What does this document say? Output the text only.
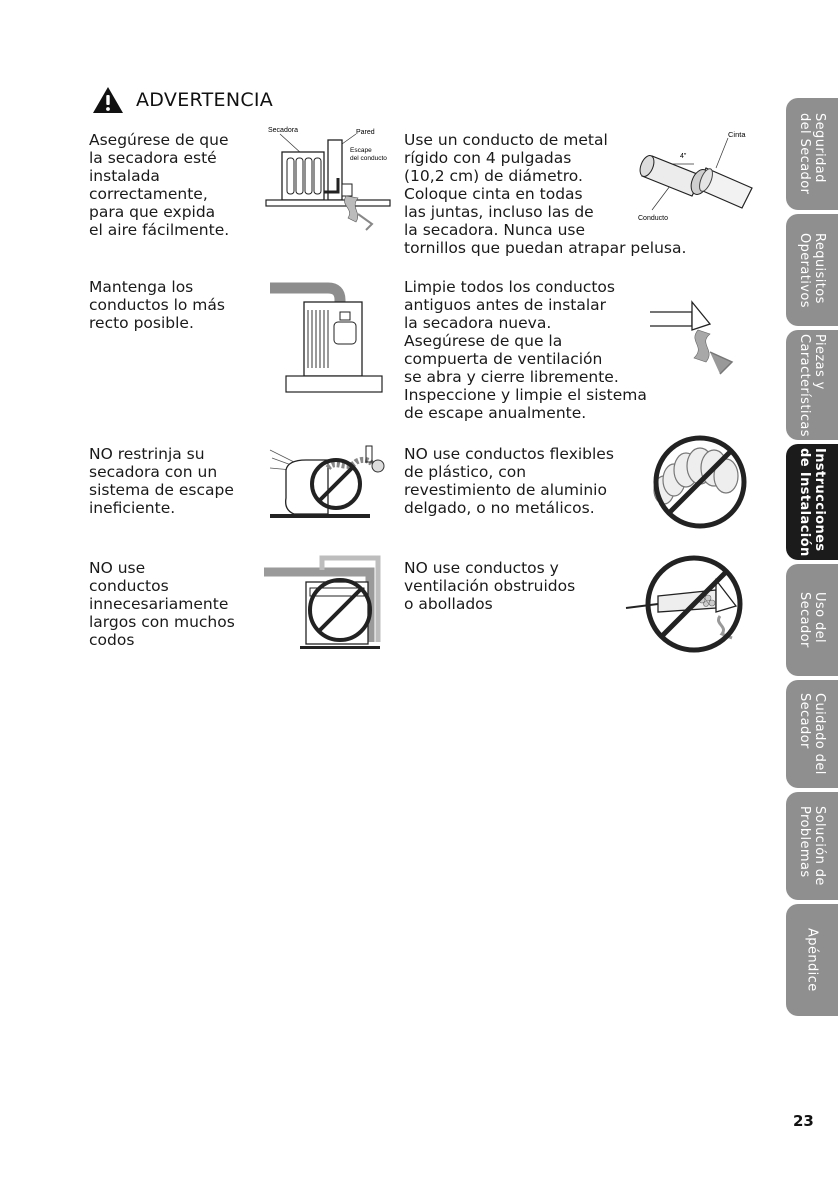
ADVERTENCIA
Asegúrese de que
la secadora esté
instalada
correctamente,
para que expida
el aire fácilmente.
Mantenga los
conductos lo más
recto posible.
NO restrinja su
secadora con un
sistema de escape
ineficiente.
NO use
conductos
innecesariamente
largos con muchos
codos
Use un conducto de metal
rígido con 4 pulgadas
(10,2 cm) de diámetro.
Coloque cinta en todas
las juntas, incluso las de
la secadora. Nunca use
tornillos que puedan atrapar pelusa.
Limpie todos los conductos
antiguos antes de instalar
la secadora nueva.
Asegúrese de que la
compuerta de ventilación
se abra y cierre libremente.
Inspeccione y limpie el sistema
de escape anualmente.
NO use conductos flexibles
de plástico, con
revestimiento de aluminio
delgado, o no metálicos.
NO use conductos y
ventilación obstruidos
o abollados
Secadora	Pared
Escape del conducto
Cinta
4"
Conducto
Seguridad
del Secador
Requisitos
Operativos
Piezas y
Características
Instrucciones
de Instalación
Uso del
Secador
Cuidado del
Secador
Solución de
Problemas
Apéndice
23
